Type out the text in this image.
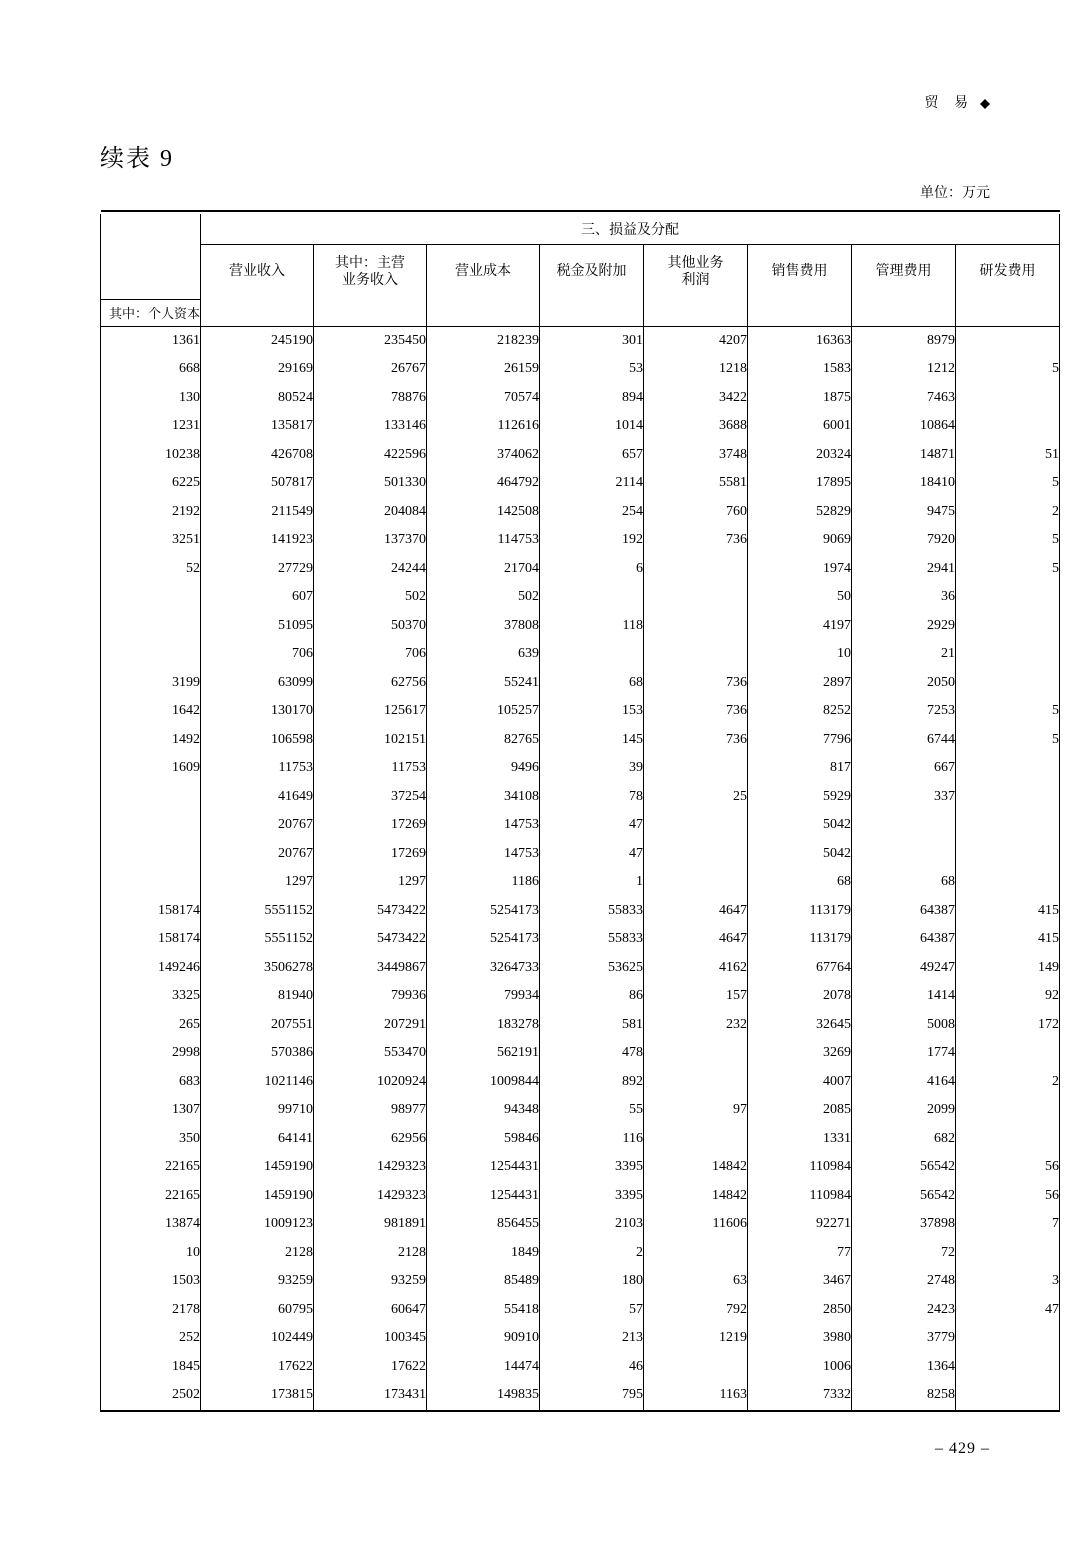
贸 易
续表 9
单位：万元

	三、损益及分配							

	营业收入	其中：主营
业务收入	营业成本	税金及附加	其他业务
利润	销售费用	管理费用	研发费用

其中：个人资本								
1361	245190	235450	218239	301	4207	16363	8979	
668	29169	26767	26159	53	1218	1583	1212	5
130	80524	78876	70574	894	3422	1875	7463	
1231	135817	133146	112616	1014	3688	6001	10864	
10238	426708	422596	374062	657	3748	20324	14871	51
6225	507817	501330	464792	2114	5581	17895	18410	5
2192	211549	204084	142508	254	760	52829	9475	2
3251	141923	137370	114753	192	736	9069	7920	5
52	27729	24244	21704	6		1974	2941	5
	607	502	502			50	36	
	51095	50370	37808	118		4197	2929	
	706	706	639			10	21	
3199	63099	62756	55241	68	736	2897	2050	
1642	130170	125617	105257	153	736	8252	7253	5
1492	106598	102151	82765	145	736	7796	6744	5
1609	11753	11753	9496	39		817	667	
	41649	37254	34108	78	25	5929	337	
	20767	17269	14753	47		5042		
	20767	17269	14753	47		5042		
	1297	1297	1186	1		68	68	
158174	5551152	5473422	5254173	55833	4647	113179	64387	415
158174	5551152	5473422	5254173	55833	4647	113179	64387	415
149246	3506278	3449867	3264733	53625	4162	67764	49247	149
3325	81940	79936	79934	86	157	2078	1414	92
265	207551	207291	183278	581	232	32645	5008	172
2998	570386	553470	562191	478		3269	1774	
683	1021146	1020924	1009844	892		4007	4164	2
1307	99710	98977	94348	55	97	2085	2099	
350	64141	62956	59846	116		1331	682	
22165	1459190	1429323	1254431	3395	14842	110984	56542	56
22165	1459190	1429323	1254431	3395	14842	110984	56542	56
13874	1009123	981891	856455	2103	11606	92271	37898	7
10	2128	2128	1849	2		77	72	
1503	93259	93259	85489	180	63	3467	2748	3
2178	60795	60647	55418	57	792	2850	2423	47
252	102449	100345	90910	213	1219	3980	3779	
1845	17622	17622	14474	46		1006	1364	
2502	173815	173431	149835	795	1163	7332	8258	

– 429 –
